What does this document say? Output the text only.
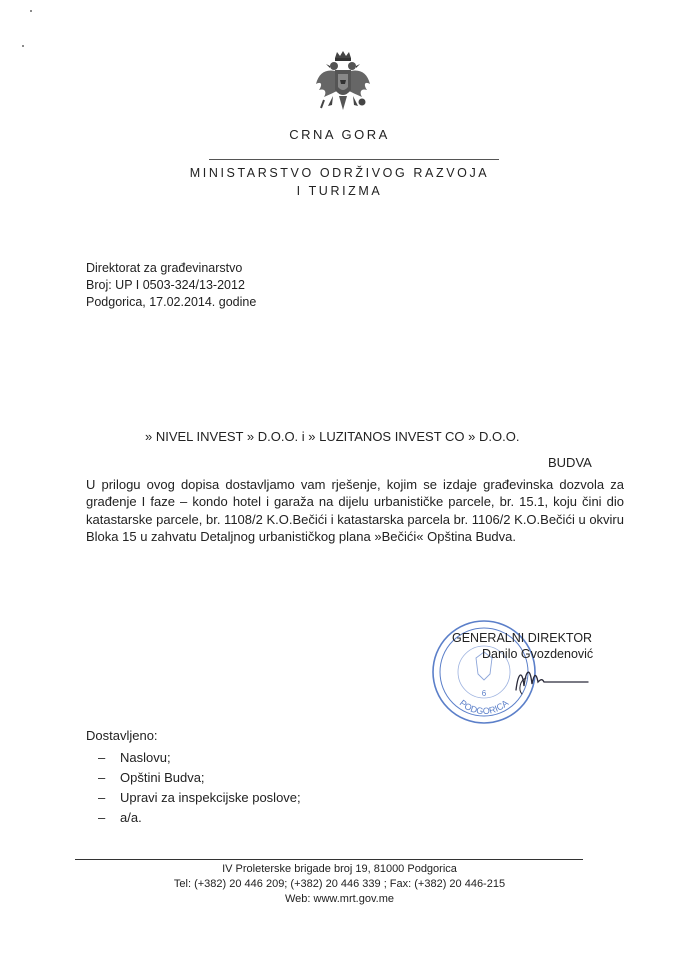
CRNA GORA
MINISTARSTVO ODRŽIVOG RAZVOJA
I TURIZMA
Direktorat za građevinarstvo
Broj: UP I 0503-324/13-2012
Podgorica, 17.02.2014. godine
» NIVEL INVEST » D.O.O. i » LUZITANOS INVEST CO » D.O.O.
BUDVA
U prilogu ovog dopisa dostavljamo vam rješenje, kojim se izdaje građevinska dozvola za građenje I faze – kondo hotel i garaža na dijelu urbanističke parcele, br. 15.1, koju čini dio katastarske parcele, br. 1108/2 K.O.Bečići i katastarska parcela br. 1106/2 K.O.Bečići u okviru Bloka 15 u zahvatu Detaljnog urbanističkog plana »Bečići« Opština Budva.
PODGORICA
6
GENERALNI DIREKTOR
Danilo Gvozdenović
Dostavljeno:
– Naslovu;
– Opštini Budva;
– Upravi za inspekcijske poslove;
– a/a.
IV Proleterske brigade broj 19, 81000 Podgorica
Tel: (+382) 20 446 209; (+382) 20 446 339 ; Fax: (+382) 20 446-215
Web: www.mrt.gov.me
